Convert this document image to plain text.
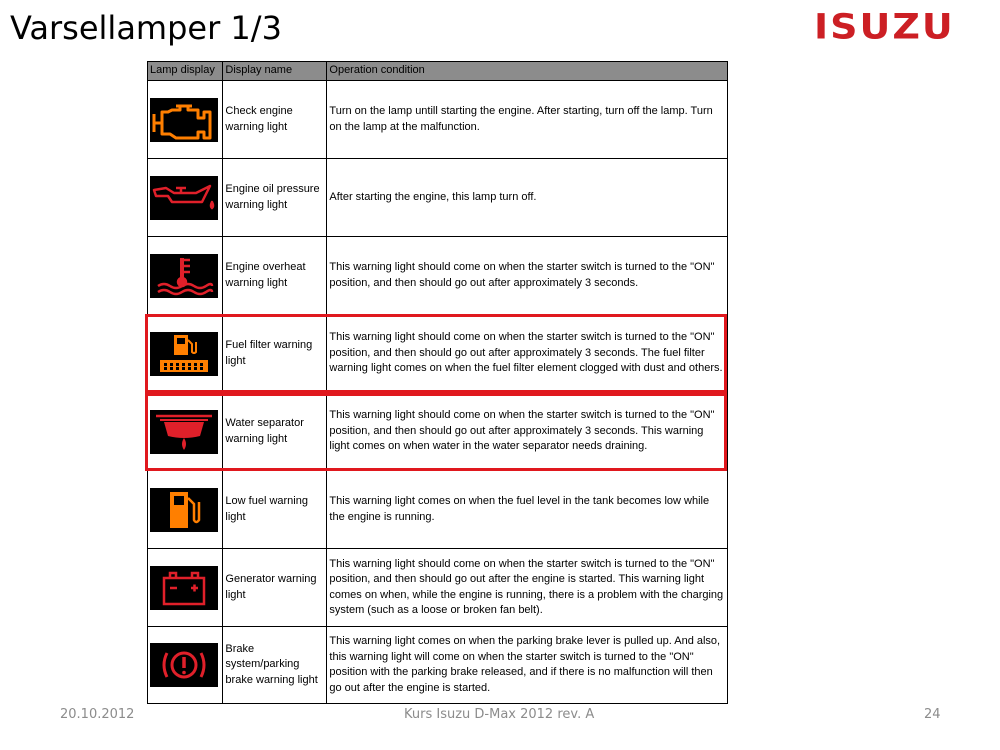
Varsellamper 1/3	ISUZU
Lamp display	Display name	Operation condition

	Check engine warning light	Turn on the lamp untill starting the engine. After starting, turn off the lamp. Turn on the lamp at the malfunction.

	Engine oil pressure warning light	After starting the engine, this lamp turn off.

	Engine overheat warning light	This warning light should come on when the starter switch is turned to the "ON" position, and then should go out after approximately 3 seconds.

	Fuel filter warning light	This warning light should come on when the starter switch is turned to the "ON" position, and then should go out after approximately 3 seconds. The fuel filter warning light comes on when the fuel filter element clogged with dust and others.

	Water separator warning light	This warning light should come on when the starter switch is turned to the "ON" position, and then should go out after approximately 3 seconds. This warning light comes on when water in the water separator needs draining.

	Low fuel warning light	This warning light comes on when the fuel level in the tank becomes low while the engine is running.

	Generator warning light	This warning light should come on when the starter switch is turned to the "ON" position, and then should go out after the engine is started. This warning light comes on when, while the engine is running, there is a problem with the charging system (such as a loose or broken fan belt).

	Brake system/parking brake warning light	This warning light comes on when the parking brake lever is pulled up. And also, this warning light will come on when the starter switch is turned to the "ON" position with the parking brake released, and if there is no malfunction will then go out after the engine is started.
20.10.2012	Kurs Isuzu D-Max 2012 rev. A	24
